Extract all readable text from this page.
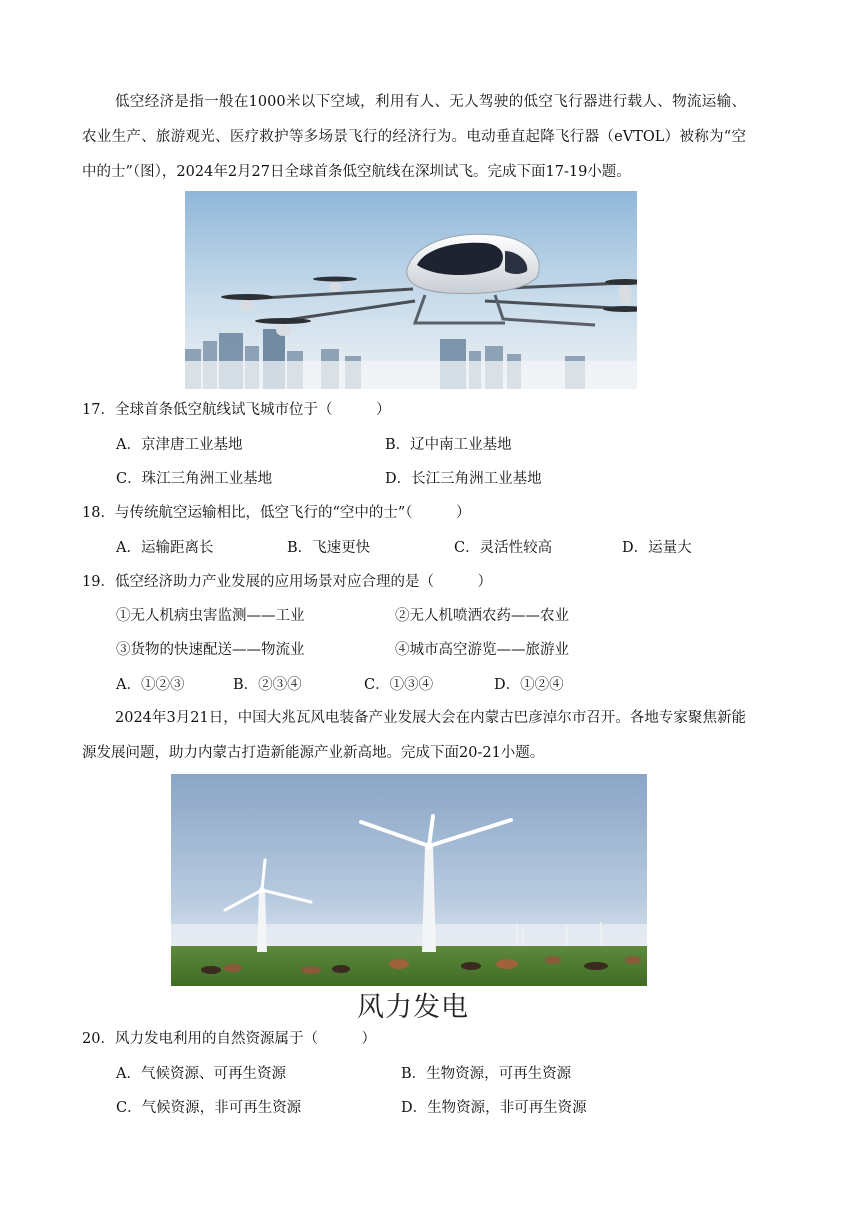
低空经济是指一般在1000米以下空域，利用有人、无人驾驶的低空飞行器进行载人、物流运输、农业生产、旅游观光、医疗救护等多场景飞行的经济行为。电动垂直起降飞行器（eVTOL）被称为“空中的士”（图），2024年2月27日全球首条低空航线在深圳试飞。完成下面17-19小题。
17．全球首条低空航线试飞城市位于（　　　）
A．京津唐工业基地	B．辽中南工业基地
C．珠江三角洲工业基地	D．长江三角洲工业基地
18．与传统航空运输相比，低空飞行的“空中的士”（　　　）
A．运输距离长	B．飞速更快	C．灵活性较高	D．运量大
19．低空经济助力产业发展的应用场景对应合理的是（　　　）
①无人机病虫害监测——工业	②无人机喷洒农药——农业
③货物的快速配送——物流业	④城市高空游览——旅游业
A．①②③	B．②③④	C．①③④	D．①②④
2024年3月21日，中国大兆瓦风电装备产业发展大会在内蒙古巴彦淖尔市召开。各地专家聚焦新能源发展问题，助力内蒙古打造新能源产业新高地。完成下面20-21小题。
风力发电
20．风力发电利用的自然资源属于（　　　）
A．气候资源、可再生资源	B．生物资源，可再生资源
C．气候资源，非可再生资源	D．生物资源，非可再生资源
